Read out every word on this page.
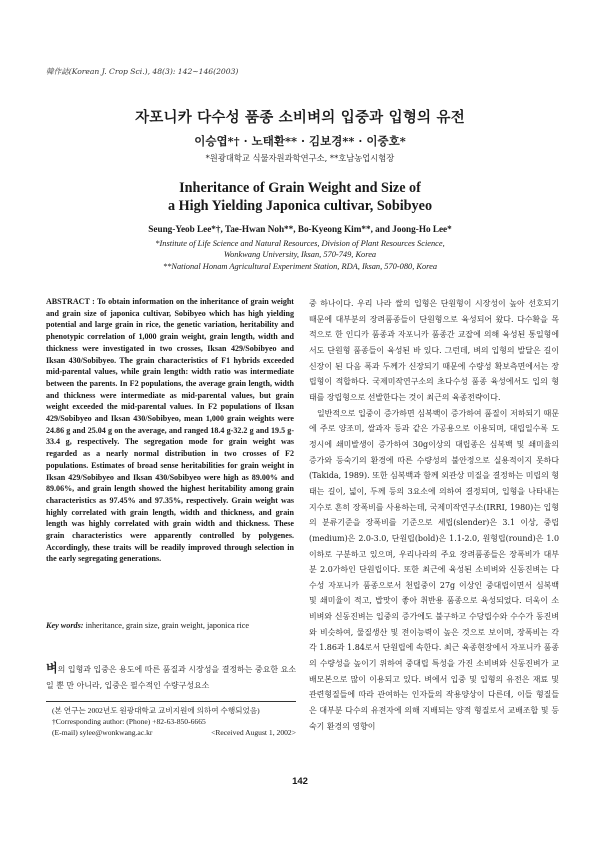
韓作誌(Korean J. Crop Sci.), 48(3): 142~146(2003)
자포니카 다수성 품종 소비벼의 입중과 입형의 유전
이승엽*† · 노태환** · 김보경** · 이중호*
*원광대학교 식물자원과학연구소, **호남농업시험장
Inheritance of Grain Weight and Size of
a High Yielding Japonica cultivar, Sobibyeo
Seung-Yeob Lee*†, Tae-Hwan Noh**, Bo-Kyeong Kim**, and Joong-Ho Lee*
*Institute of Life Science and Natural Resources, Division of Plant Resources Science,
Wonkwang University, Iksan, 570-749, Korea
**National Honam Agricultural Experiment Station, RDA, Iksan, 570-080, Korea
ABSTRACT : To obtain information on the inheritance of grain weight and grain size of japonica cultivar, Sobibyeo which has high yielding potential and large grain in rice, the genetic variation, heritability and phenotypic correlation of 1,000 grain weight, grain length, width and thickness were investigated in two crosses, Iksan 429/Sobibyeo and Iksan 430/Sobibyeo. The grain characteristics of F1 hybrids exceeded mid-parental values, while grain length: width ratio was intermediate between the parents. In F2 populations, the average grain length, width and thickness were intermediate as mid-parental values, but grain weight exceeded the mid-parental values. In F2 populations of Iksan 429/Sobibyeo and Iksan 430/Sobibyeo, mean 1,000 grain weights were 24.86 g and 25.04 g on the average, and ranged 18.4 g-32.2 g and 19.5 g-33.4 g, respectively. The segregation mode for grain weight was regarded as a nearly normal distribution in two crosses of F2 populations. Estimates of broad sense heritabilities for grain weight in Iksan 429/Sobibyeo and Iksan 430/Sobibyeo were high as 89.00% and 89.06%, and grain length showed the highest heritability among grain characteristics as 97.45% and 97.35%, respectively. Grain weight was highly correlated with grain length, width and thickness, and grain length was highly correlated with grain width and thickness. These grain characteristics were apparently controlled by polygenes. Accordingly, these traits will be readily improved through selection in the early segregating generations.
Key words: inheritance, grain size, grain weight, japonica rice
벼의 입형과 입중은 용도에 따른 품질과 시장성을 결정하는 중요한 요소일 뿐 만 아니라, 입중은 필수적인 수량구성요소
(본 연구는 2002년도 원광대학교 교비지원에 의하여 수행되었음)
†Corresponding author: (Phone) +82-63-850-6665
(E-mail) sylee@wonkwang.ac.kr	<Received August 1, 2002>

중 하나이다. 우리 나라 쌀의 입형은 단원형이 시장성이 높아 선호되기 때문에 대부분의 장려품종들이 단원형으로 육성되어 왔다. 다수확을 목적으로 한 인디카 품종과 자포니카 품종간 교잡에 의해 육성된 통일형에서도 단원형 품종들이 육성된 바 있다. 그런데, 벼의 입형의 발달은 길이신장이 된 다음 폭과 두께가 신장되기 때문에 수량성 확보측면에서는 장립형이 적합하다. 국제미작연구소의 초다수성 품종 육성에서도 입의 형태를 장립형으로 선발한다는 것이 최근의 육종전략이다.

일반적으로 입중이 증가하면 심복백이 증가하여 품질이 저하되기 때문에 주로 양조미, 쌀과자 등과 같은 가공용으로 이용되며, 대립일수록 도정시에 쇄미발생이 증가하여 30g이상의 대립종은 심복백 및 쇄미율의 증가와 등숙기의 환경에 따른 수량성의 불안정으로 실용적이지 못하다(Takida, 1989). 또한 심복백과 함께 외관상 미질을 결정하는 미립의 형태는 길이, 넓이, 두께 등의 3요소에 의하여 결정되며, 입형을 나타내는 지수로 흔히 장폭비를 사용하는데, 국제미작연구소(IRRI, 1980)는 입형의 분류기준을 장폭비를 기준으로 세립(slender)은 3.1 이상, 중립(medium)은 2.0-3.0, 단원립(bold)은 1.1-2.0, 원형립(round)은 1.0이하로 구분하고 있으며, 우리나라의 주요 장려품종들은 장폭비가 대부분 2.0가하인 단원립이다. 또한 최근에 육성된 소비벼와 신동진벼는 다수성 자포니카 품종으로서 천립중이 27g 이상인 중대립이면서 심복백 및 쇄미율이 적고, 밥맛이 좋아 취반용 품종으로 육성되었다. 더욱이 소비벼와 신동진벼는 입중의 증가에도 불구하고 수당립수와 수수가 동진벼와 비슷하여, 물질생산 및 전이능력이 높은 것으로 보이며, 장폭비는 각각 1.86과 1.84로서 단원립에 속한다. 최근 육종현장에서 자포니카 품종의 수량성을 높이기 위하여 중대립 특성을 가진 소비벼와 신동진벼가 교배모본으로 많이 이용되고 있다. 벼에서 입중 및 입형의 유전은 재료 및 관련형질들에 따라 관여하는 인자들의 작용양상이 다른데, 이들 형질들은 대부분 다수의 유전자에 의해 지배되는 양적 형질로서 교배조합 및 등숙기 환경의 영향이

142
